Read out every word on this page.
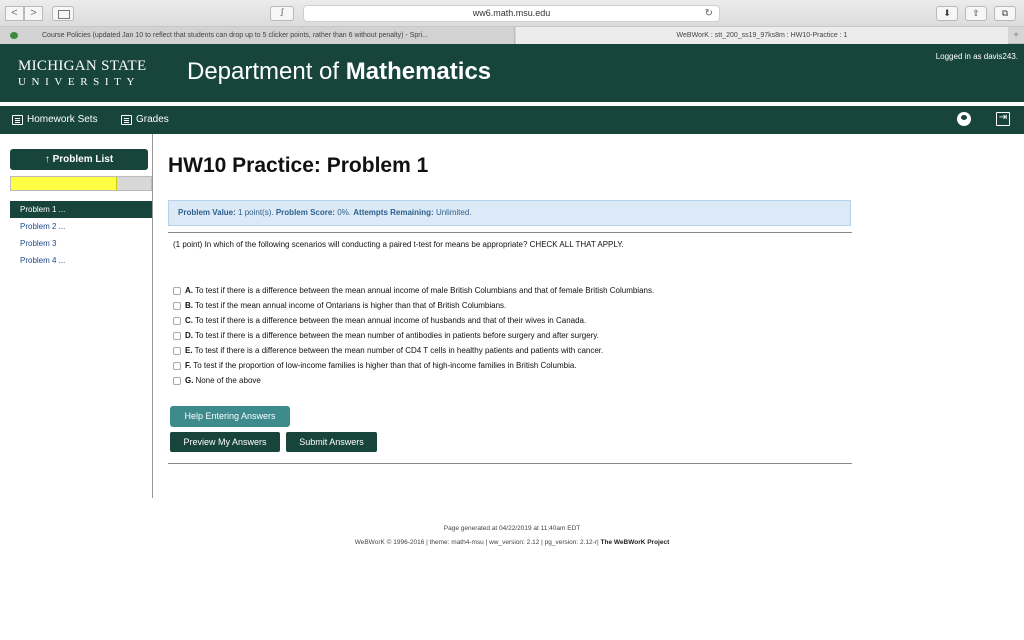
<	>	ꭍ	ww6.math.msu.edu	↻	⬇	⇪	⧉
Course Policies (updated Jan 10 to reflect that students can drop up to 5 clicker points, rather than 6 without penalty) - Spri...	WeBWorK : stt_200_ss19_97ks8m : HW10-Practice : 1	+
MICHIGAN STATE
UNIVERSITY Department of Mathematics
Logged in as davis243.
Homework Sets	Grades	⇥
↑ Problem List
Problem 1 ...
Problem 2 ...
Problem 3
Problem 4 ...
HW10 Practice: Problem 1
Problem Value: 1 point(s). Problem Score: 0%. Attempts Remaining: Unlimited.
(1 point) In which of the following scenarios will conducting a paired t-test for means be appropriate? CHECK ALL THAT APPLY.
A. To test if there is a difference between the mean annual income of male British Columbians and that of female British Columbians.
B. To test if the mean annual income of Ontarians is higher than that of British Columbians.
C. To test if there is a difference between the mean annual income of husbands and that of their wives in Canada.
D. To test if there is a difference between the mean number of antibodies in patients before surgery and after surgery.
E. To test if there is a difference between the mean number of CD4 T cells in healthy patients and patients with cancer.
F. To test if the proportion of low-income families is higher than that of high-income families in British Columbia.
G. None of the above
Help Entering Answers
Preview My Answers	Submit Answers
Page generated at 04/22/2019 at 11:40am EDT
WeBWorK © 1996-2016 | theme: math4-msu | ww_version: 2.12 | pg_version: 2.12-r| The WeBWorK Project
